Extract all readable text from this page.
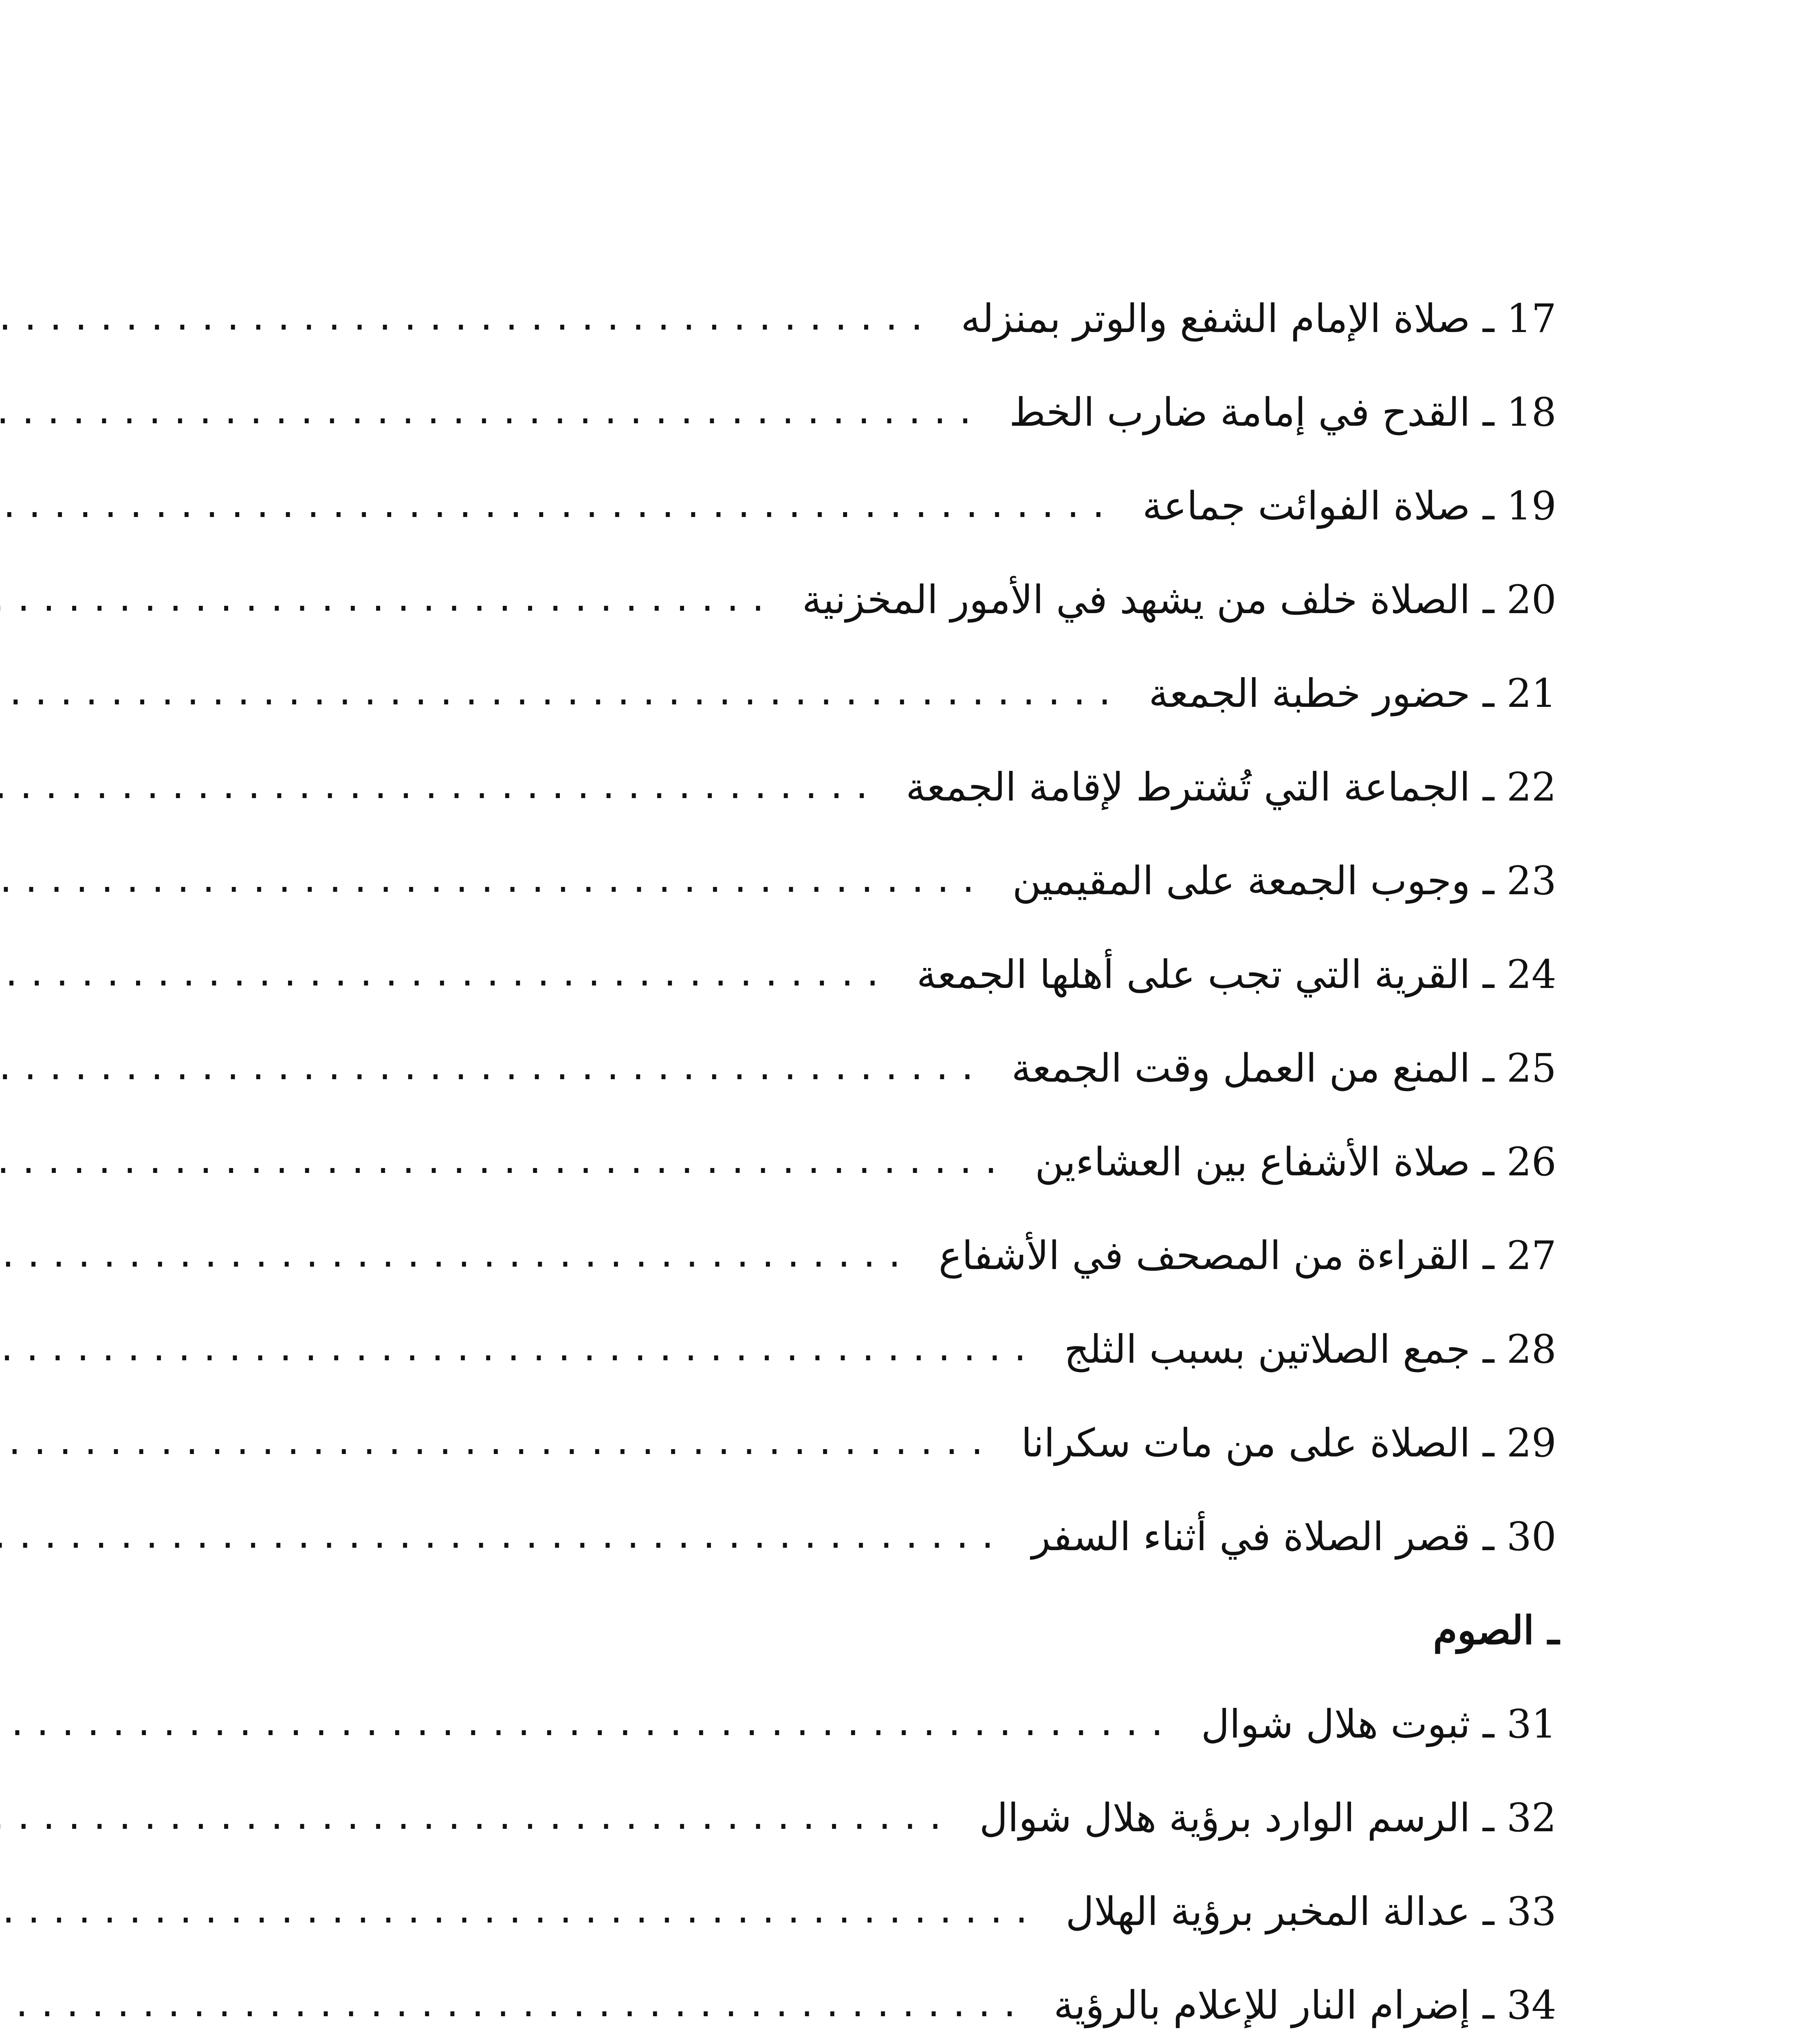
17 ـ صلاة الإمام الشفع والوتر بمنزله
.....
18 ـ القدح في إمامة ضارب الخط
.....
19 ـ صلاة الفوائت جماعة
.....
20 ـ الصلاة خلف من يشهد في الأمور المخزنية
.....
21 ـ حضور خطبة الجمعة
.....
22 ـ الجماعة التي تُشترط لإقامة الجمعة
.....
23 ـ وجوب الجمعة على المقيمين
.....
24 ـ القرية التي تجب على أهلها الجمعة
.....
25 ـ المنع من العمل وقت الجمعة
.....
26 ـ صلاة الأشفاع بين العشاءين
.....
27 ـ القراءة من المصحف في الأشفاع
.....
28 ـ جمع الصلاتين بسبب الثلج
.....
29 ـ الصلاة على من مات سكرانا
.....
30 ـ قصر الصلاة في أثناء السفر
.....
ـ الصوم
31 ـ ثبوت هلال شوال
.....
32 ـ الرسم الوارد برؤية هلال شوال
.....
33 ـ عدالة المخبر برؤية الهلال
.....
34 ـ إضرام النار للإعلام بالرؤية
.....
